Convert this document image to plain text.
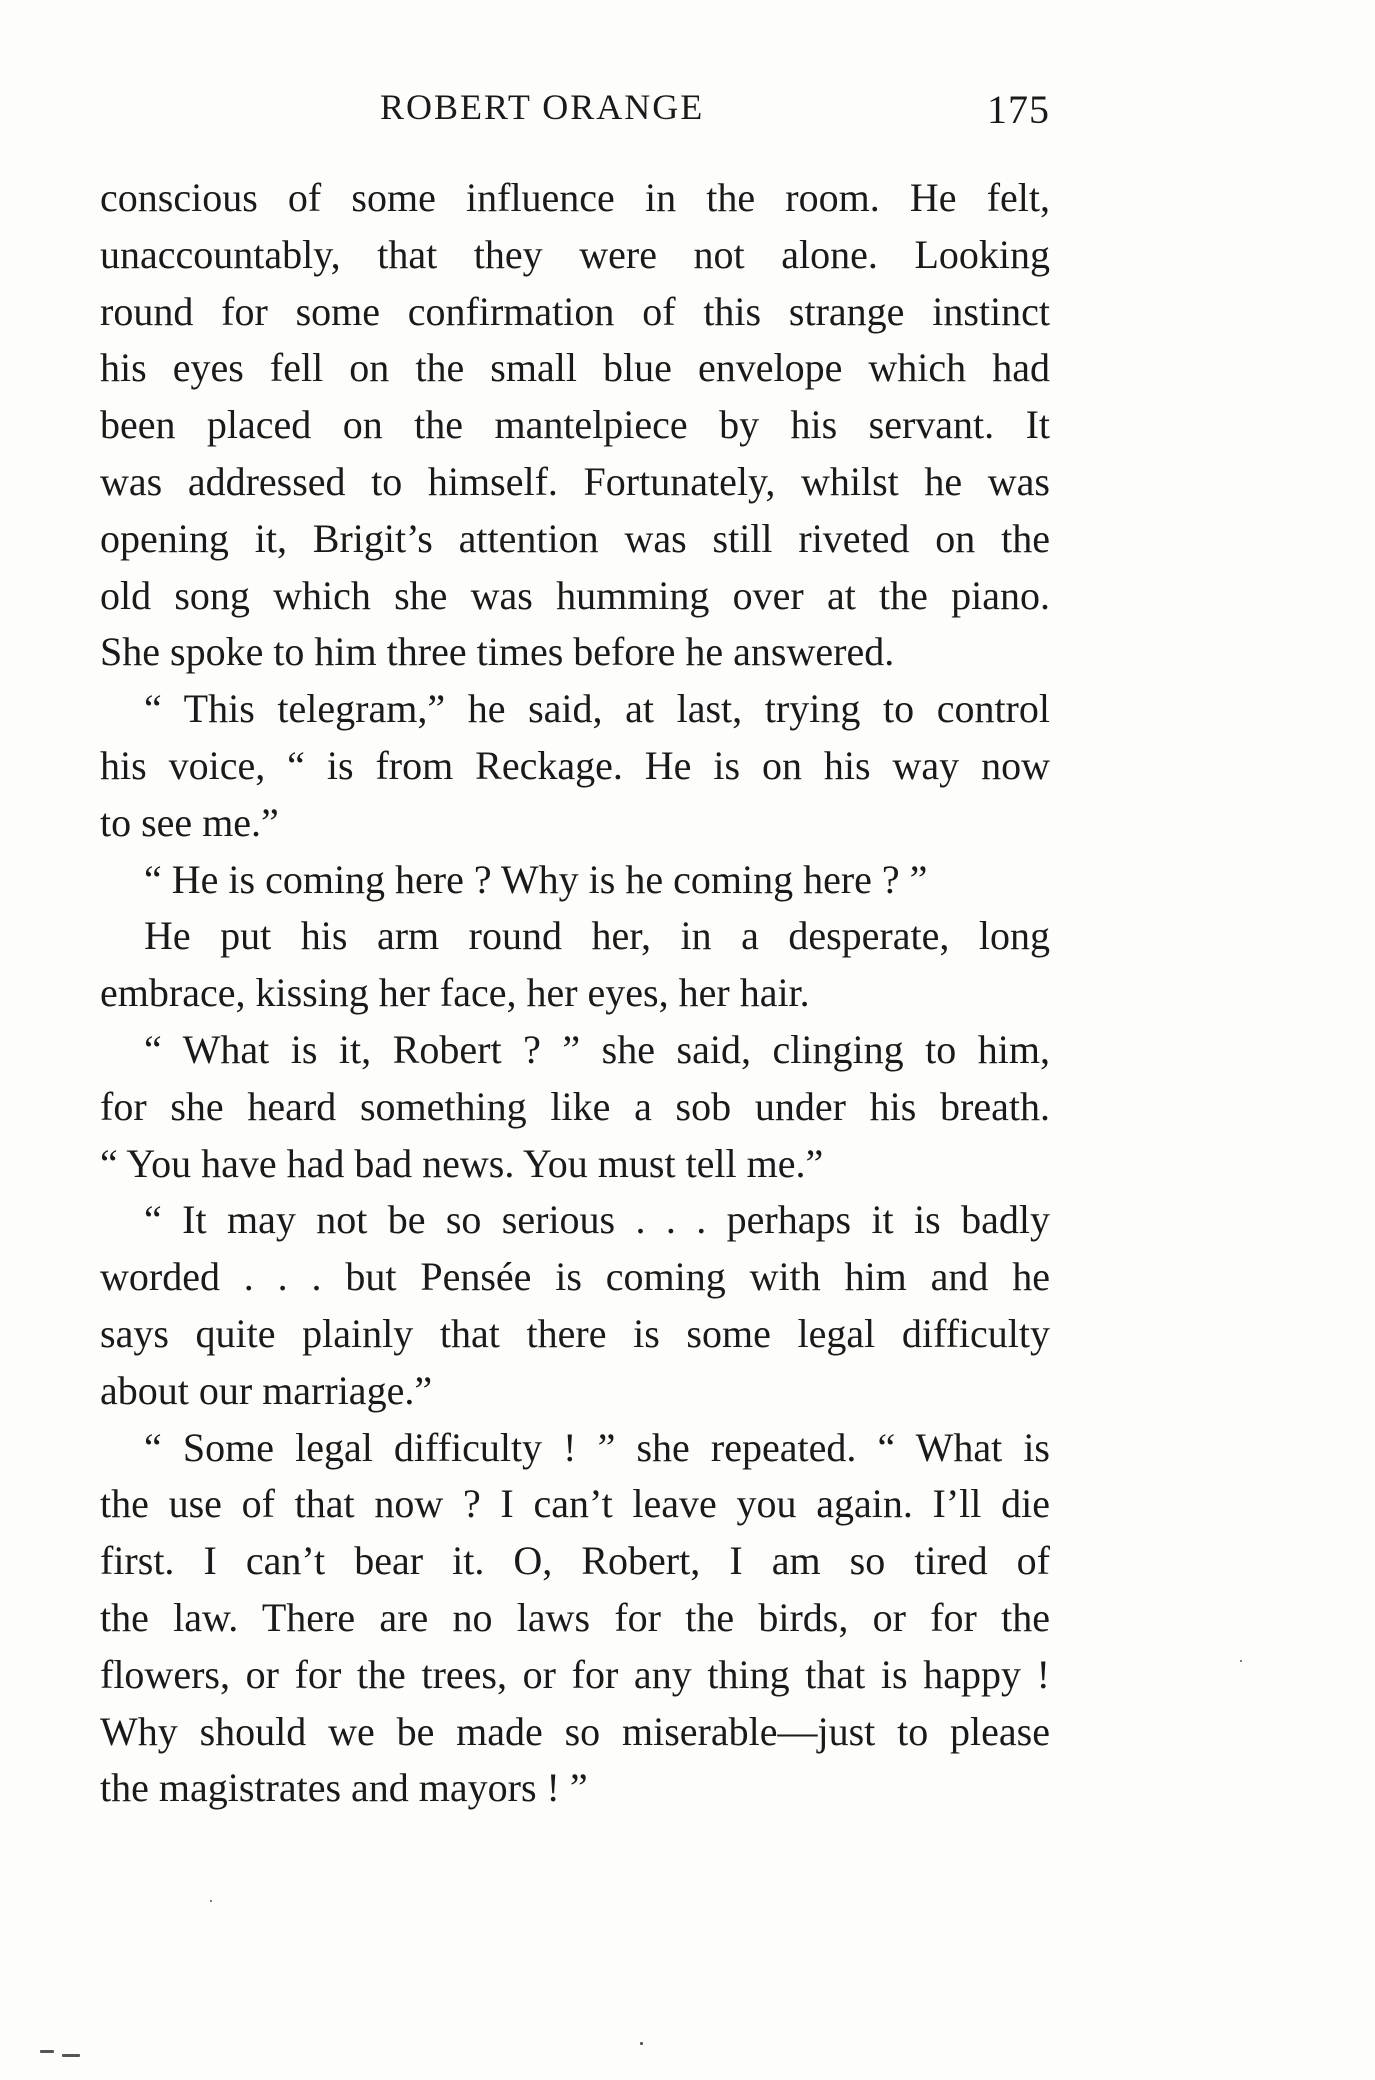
ROBERT ORANGE	175
conscious of some influence in the room. He felt,
unaccountably, that they were not alone. Looking
round for some confirmation of this strange instinct
his eyes fell on the small blue envelope which had
been placed on the mantelpiece by his servant. It
was addressed to himself. Fortunately, whilst he was
opening it, Brigit’s attention was still riveted on the
old song which she was humming over at the piano.
She spoke to him three times before he answered.
“ This telegram,” he said, at last, trying to control
his voice, “ is from Reckage. He is on his way now
to see me.”
“ He is coming here ? Why is he coming here ? ”
He put his arm round her, in a desperate, long
embrace, kissing her face, her eyes, her hair.
“ What is it, Robert ? ” she said, clinging to him,
for she heard something like a sob under his breath.
“ You have had bad news. You must tell me.”
“ It may not be so serious . . . perhaps it is badly
worded . . . but Pensée is coming with him and he
says quite plainly that there is some legal difficulty
about our marriage.”
“ Some legal difficulty ! ” she repeated. “ What is
the use of that now ? I can’t leave you again. I’ll die
first. I can’t bear it. O, Robert, I am so tired of
the law. There are no laws for the birds, or for the
flowers, or for the trees, or for any thing that is happy !
Why should we be made so miserable—just to please
the magistrates and mayors ! ”
